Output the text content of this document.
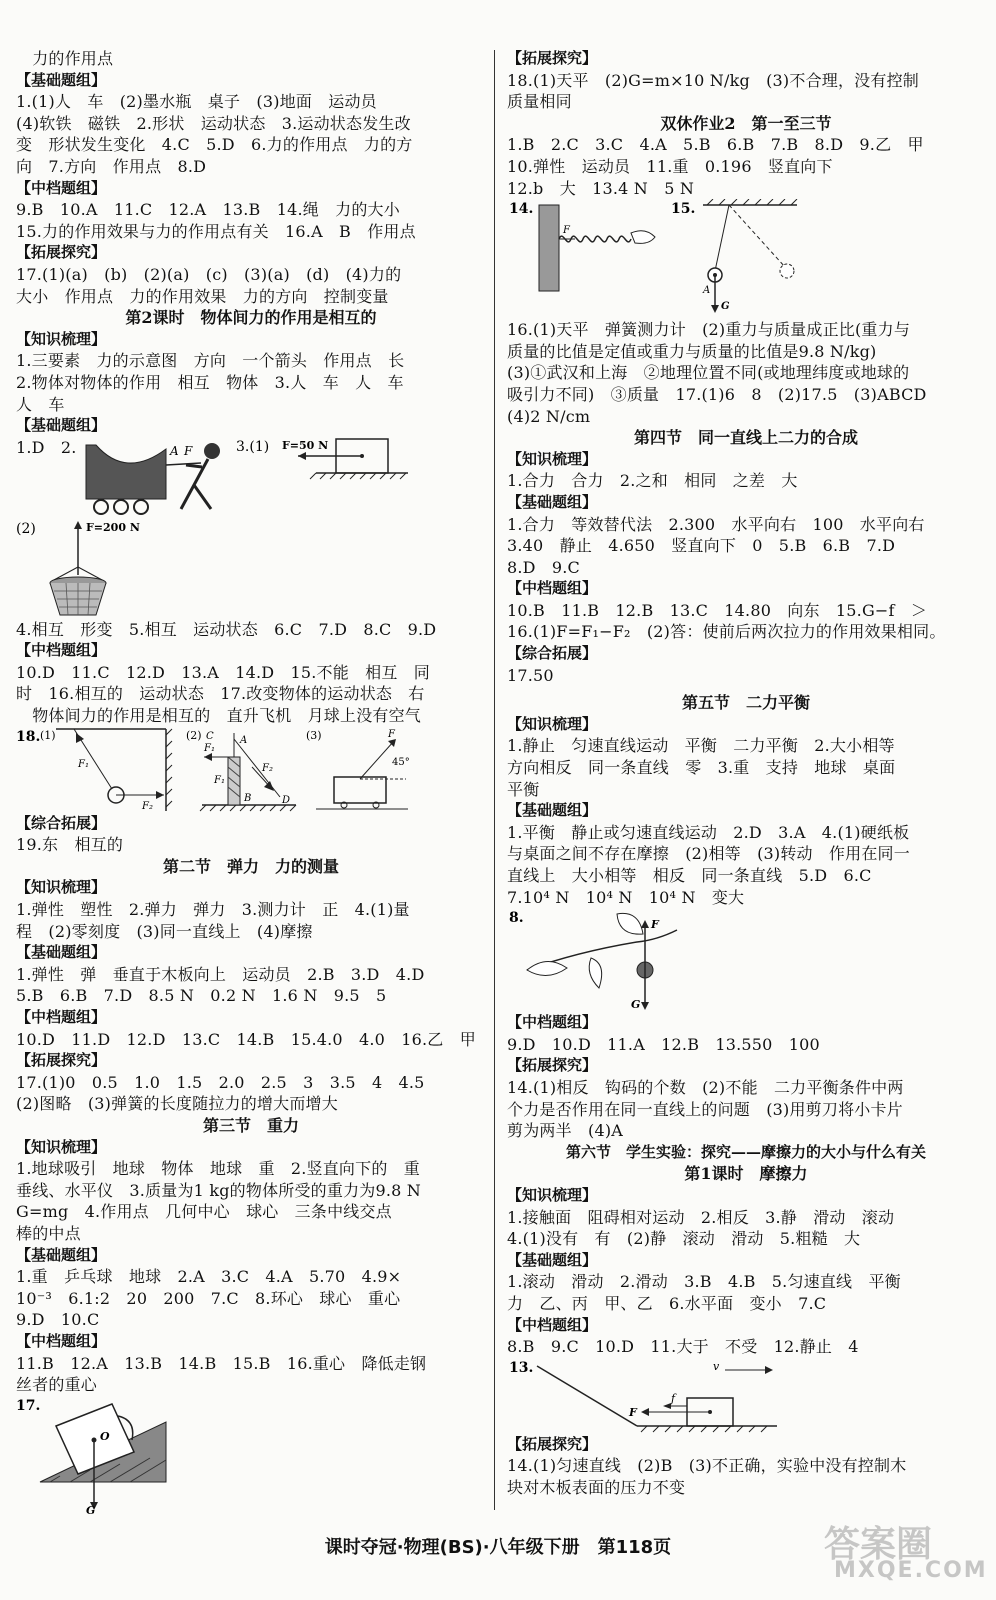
　力的作用点
【基础题组】
1.(1)人　车　(2)墨水瓶　桌子　(3)地面　运动员
(4)软铁　磁铁　2.形状　运动状态　3.运动状态发生改
变　形状发生变化　4.C　5.D　6.力的作用点　力的方
向　7.方向　作用点　8.D
【中档题组】
9.B　10.A　11.C　12.A　13.B　14.绳　力的大小
15.力的作用效果与力的作用点有关　16.A　B　作用点
【拓展探究】
17.(1)(a)　(b)　(2)(a)　(c)　(3)(a)　(d)　(4)力的
大小　作用点　力的作用效果　力的方向　控制变量
第2课时　物体间力的作用是相互的
【知识梳理】
1.三要素　力的示意图　方向　一个箭头　作用点　长
2.物体对物体的作用　相互　物体　3.人　车　人　车
人　车
【基础题组】
1.D　2.	A F	3.(1) F=50 N
(2)	F=200 N
4.相互　形变　5.相互　运动状态　6.C　7.D　8.C　9.D
【中档题组】
10.D　11.C　12.D　13.A　14.D　15.不能　相互　同
时　16.相互的　运动状态　17.改变物体的运动状态　右
　物体间力的作用是相互的　直升飞机　月球上没有空气
18. (1)
F₁
F₂
(2)
F₁
F₁
C	A
F₂
B	D
(3)	F
45°
【综合拓展】
19.东　相互的
第二节　弹力　力的测量
【知识梳理】
1.弹性　塑性　2.弹力　弹力　3.测力计　正　4.(1)量
程　(2)零刻度　(3)同一直线上　(4)摩擦
【基础题组】
1.弹性　弹　垂直于木板向上　运动员　2.B　3.D　4.D
5.B　6.B　7.D　8.5 N　0.2 N　1.6 N　9.5　5
【中档题组】
10.D　11.D　12.D　13.C　14.B　15.4.0　4.0　16.乙　甲
【拓展探究】
17.(1)0　0.5　1.0　1.5　2.0　2.5　3　3.5　4　4.5
(2)图略　(3)弹簧的长度随拉力的增大而增大
第三节　重力
【知识梳理】
1.地球吸引　地球　物体　地球　重　2.竖直向下的　重
垂线、水平仪　3.质量为1 kg的物体所受的重力为9.8 N
G=mg　4.作用点　几何中心　球心　三条中线交点
棒的中点
【基础题组】
1.重　乒乓球　地球　2.A　3.C　4.A　5.70　4.9×
10⁻³　6.1:2　20　200　7.C　8.环心　球心　重心
9.D　10.C
【中档题组】
11.B　12.A　13.B　14.B　15.B　16.重心　降低走钢
丝者的重心
17.
O
G
【拓展探究】
18.(1)天平　(2)G=m×10 N/kg　(3)不合理，没有控制
质量相同
双休作业2　第一至三节
1.B　2.C　3.C　4.A　5.B　6.B　7.B　8.D　9.乙　甲
10.弹性　运动员　11.重　0.196　竖直向下
12.b　大　13.4 N　5 N
14.
F
15.
A
G
16.(1)天平　弹簧测力计　(2)重力与质量成正比(重力与
质量的比值是定值或重力与质量的比值是9.8 N/kg)
(3)①武汉和上海　②地理位置不同(或地理纬度或地球的
吸引力不同)　③质量　17.(1)6　8　(2)17.5　(3)ABCD
(4)2 N/cm
第四节　同一直线上二力的合成
【知识梳理】
1.合力　合力　2.之和　相同　之差　大
【基础题组】
1.合力　等效替代法　2.300　水平向右　100　水平向右
3.40　静止　4.650　竖直向下　0　5.B　6.B　7.D
8.D　9.C
【中档题组】
10.B　11.B　12.B　13.C　14.80　向东　15.G−f　＞
16.(1)F=F₁−F₂　(2)答：使前后两次拉力的作用效果相同。
【综合拓展】
17.50
第五节　二力平衡
【知识梳理】
1.静止　匀速直线运动　平衡　二力平衡　2.大小相等
方向相反　同一条直线　零　3.重　支持　地球　桌面
平衡
【基础题组】
1.平衡　静止或匀速直线运动　2.D　3.A　4.(1)硬纸板
与桌面之间不存在摩擦　(2)相等　(3)转动　作用在同一
直线上　大小相等　相反　同一条直线　5.D　6.C
7.10⁴ N　10⁴ N　10⁴ N　变大
8.	F
G
【中档题组】
9.D　10.D　11.A　12.B　13.550　100
【拓展探究】
14.(1)相反　钩码的个数　(2)不能　二力平衡条件中两
个力是否作用在同一直线上的问题　(3)用剪刀将小卡片
剪为两半　(4)A
第六节　学生实验：探究——摩擦力的大小与什么有关
第1课时　摩擦力
【知识梳理】
1.接触面　阻碍相对运动　2.相反　3.静　滑动　滚动
4.(1)没有　有　(2)静　滚动　滑动　5.粗糙　大
【基础题组】
1.滚动　滑动　2.滑动　3.B　4.B　5.匀速直线　平衡
力　乙、丙　甲、乙　6.水平面　变小　7.C
【中档题组】
8.B　9.C　10.D　11.大于　不受　12.静止　4
13.
F
f
v
【拓展探究】
14.(1)匀速直线　(2)B　(3)不正确，实验中没有控制木
块对木板表面的压力不变
课时夺冠·物理(BS)·八年级下册　第118页	答案圈
MXQE.COM
